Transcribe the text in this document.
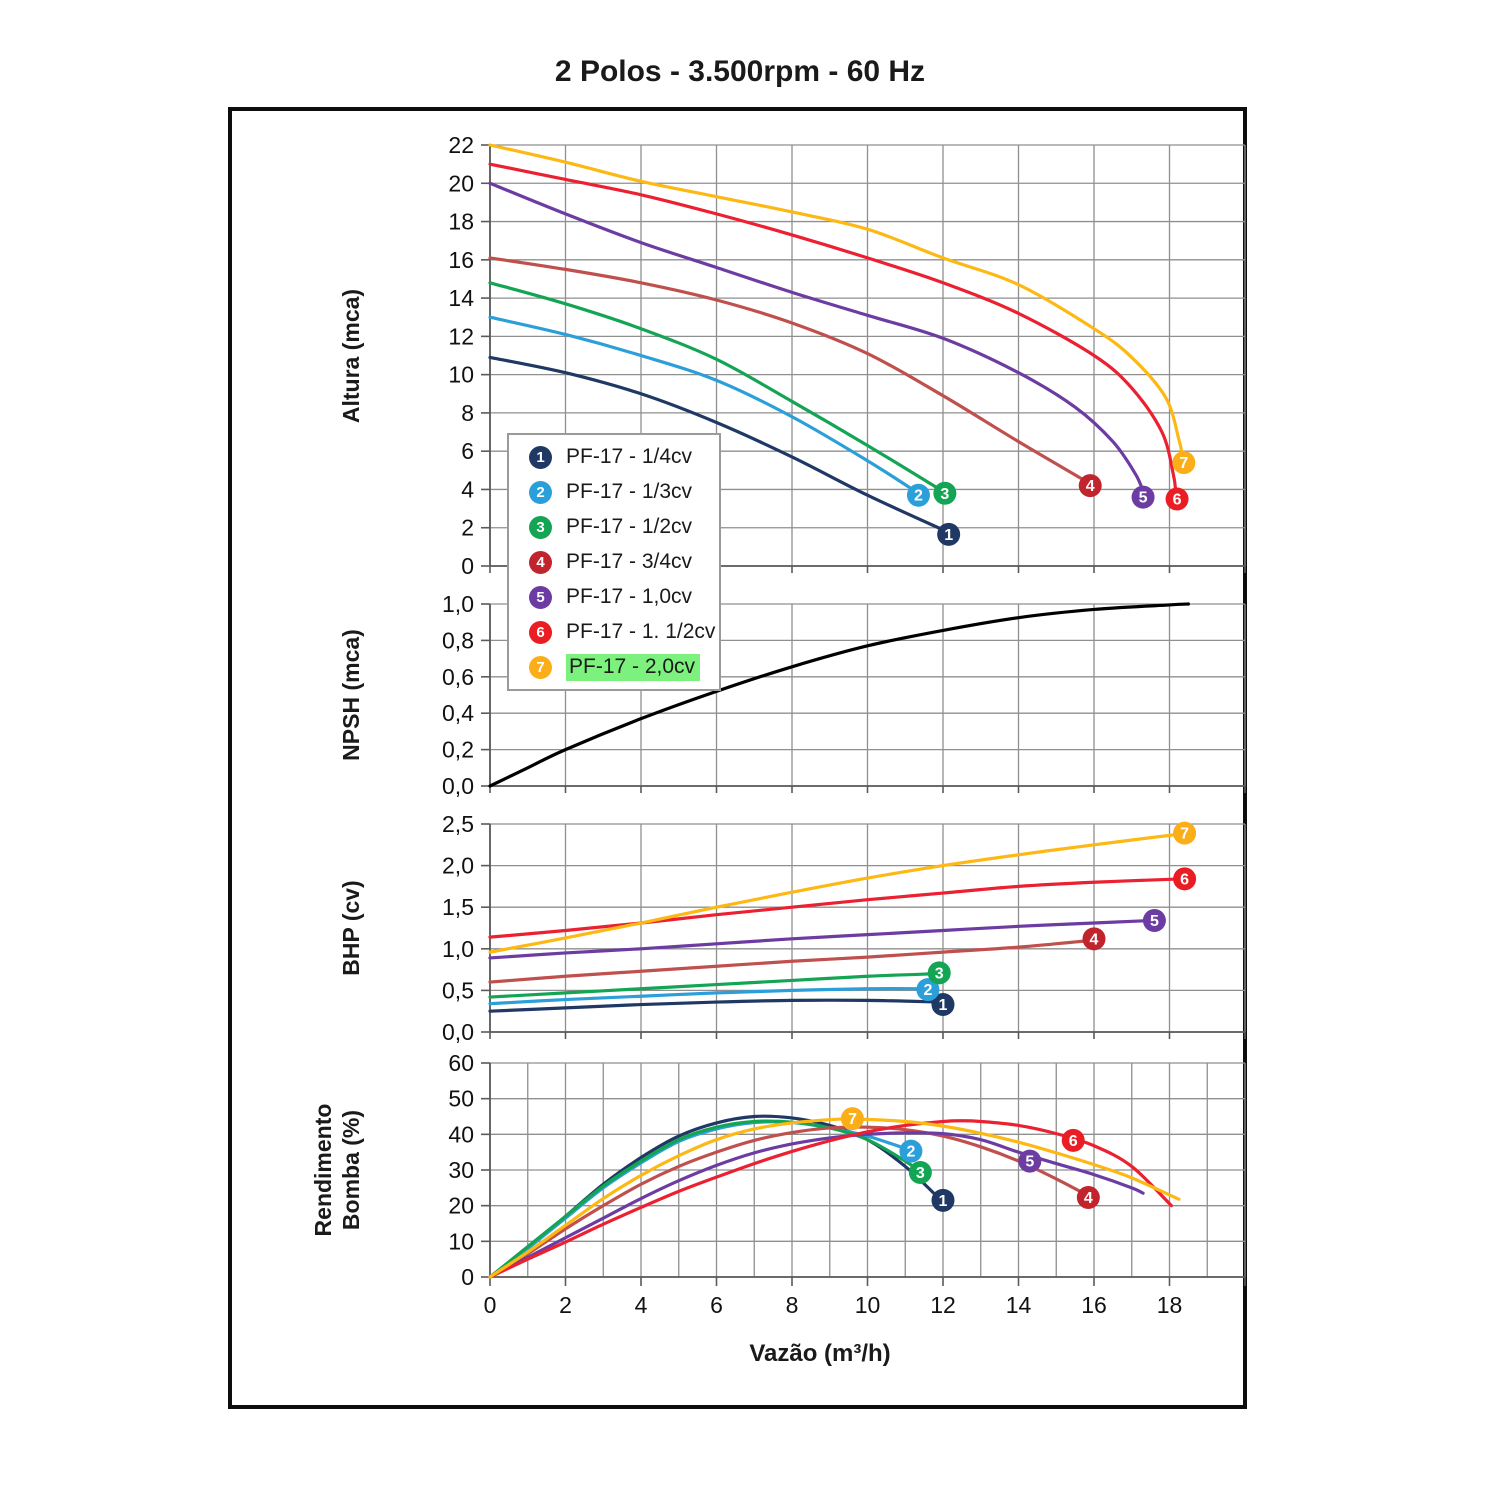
2 Polos - 3.500rpm - 60 Hz
0
2
4
6
8
10
12
14
16
18
20
22
1
2 3	4
5 6
7
0,0
0,2
0,4
0,6
0,8
1,0
0,0
0,5
1,0
1,5
2,0
2,5
1
2
3
4
5
6
7
0
10
20
30
40
50
60
1
2
3
4
5
6
7
0	2	4	6	8 10 12 14 16 18
Altura (mca)
NPSH (mca)
BHP (cv)
Rendimento Bomba (%)
Vazão (m³/h)
1	PF-17 - 1/4cv
2	PF-17 - 1/3cv
3	PF-17 - 1/2cv
4	PF-17 - 3/4cv
5	PF-17 - 1,0cv
6	PF-17 - 1. 1/2cv
7	PF-17 - 2,0cv
